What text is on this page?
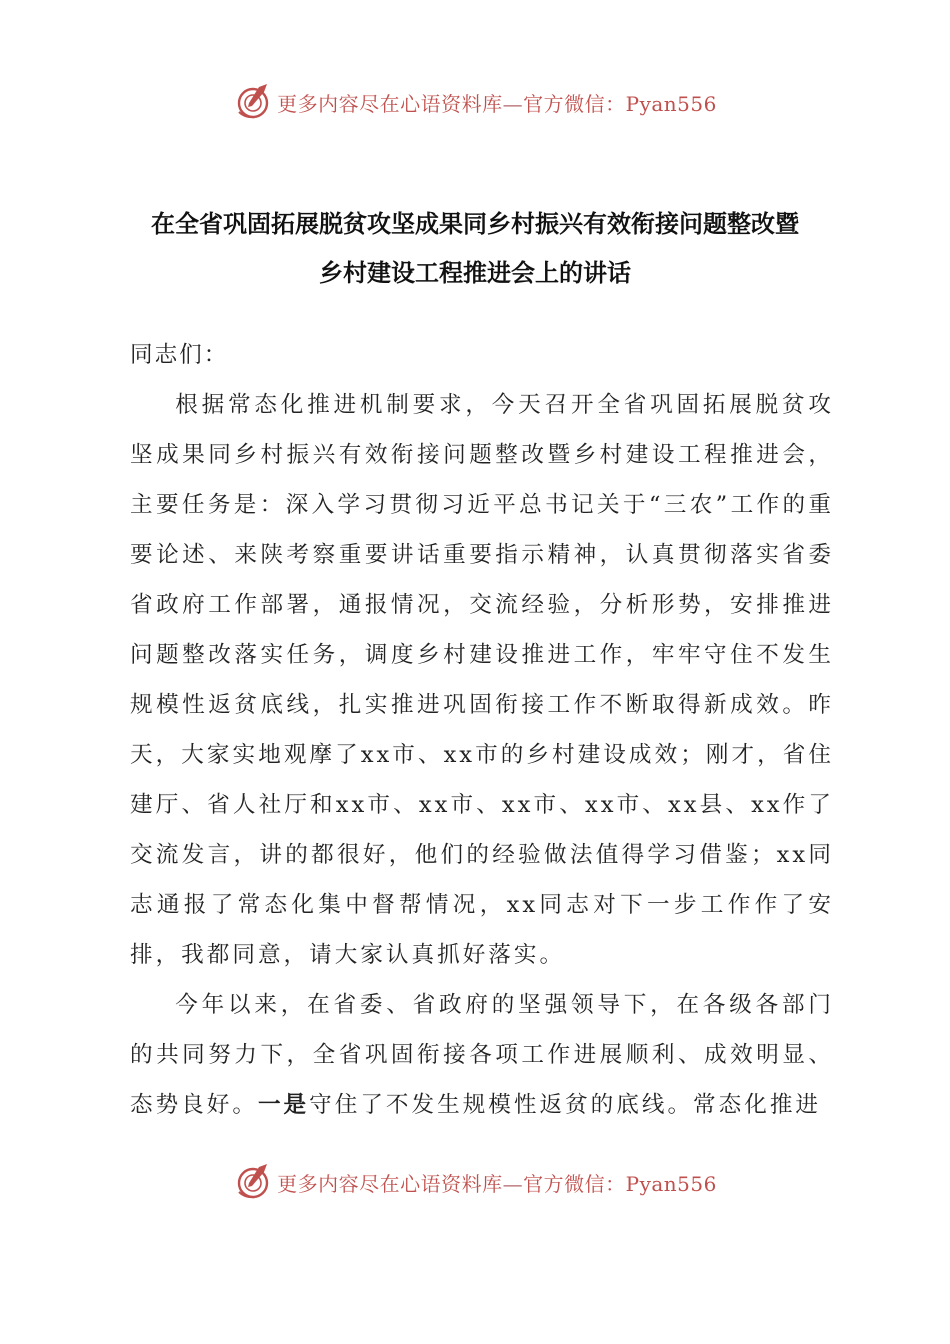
更多内容尽在心语资料库—官方微信：Pyan556
在全省巩固拓展脱贫攻坚成果同乡村振兴有效衔接问题整改暨
乡村建设工程推进会上的讲话

同志们：

根据常态化推进机制要求，今天召开全省巩固拓展脱贫攻坚成果同乡村振兴有效衔接问题整改暨乡村建设工程推进会，主要任务是：深入学习贯彻习近平总书记关于“三农”工作的重要论述、来陕考察重要讲话重要指示精神，认真贯彻落实省委省政府工作部署，通报情况，交流经验，分析形势，安排推进问题整改落实任务，调度乡村建设推进工作，牢牢守住不发生规模性返贫底线，扎实推进巩固衔接工作不断取得新成效。昨天，大家实地观摩了xx市、xx市的乡村建设成效；刚才，省住建厅、省人社厅和xx市、xx市、xx市、xx市、xx县、xx作了交流发言，讲的都很好，他们的经验做法值得学习借鉴；xx同志通报了常态化集中督帮情况，xx同志对下一步工作作了安排，我都同意，请大家认真抓好落实。

今年以来，在省委、省政府的坚强领导下，在各级各部门的共同努力下，全省巩固衔接各项工作进展顺利、成效明显、态势良好。一是守住了不发生规模性返贫的底线。常态化推进

更多内容尽在心语资料库—官方微信：Pyan556
